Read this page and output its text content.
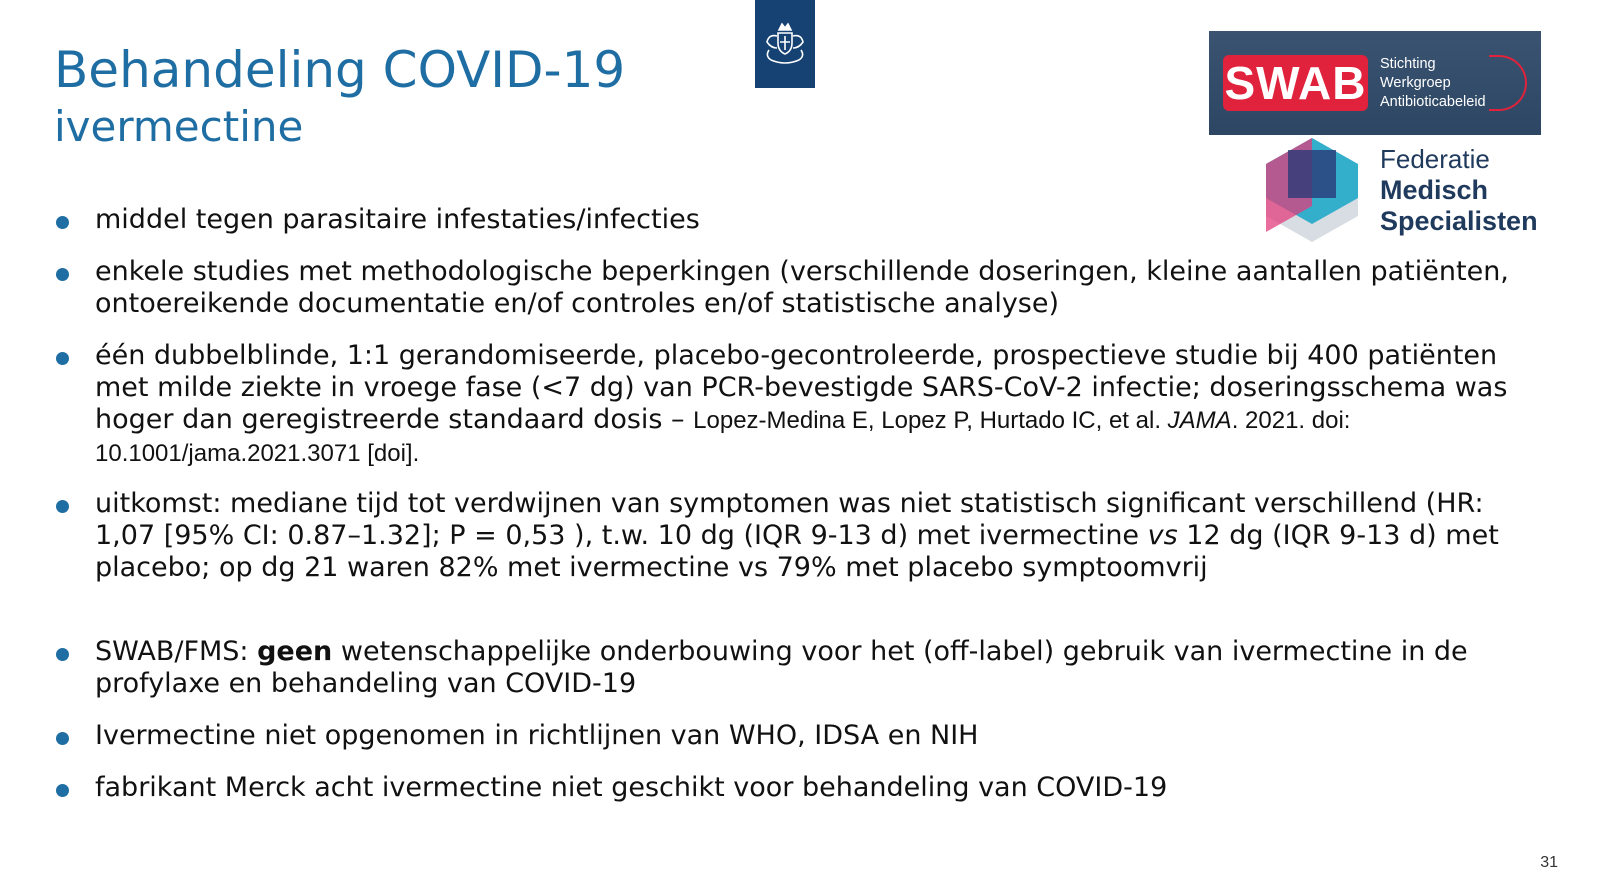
Behandeling COVID-19
ivermectine
SWAB Stichting
Werkgroep
Antibioticabeleid
Federatie
Medisch
Specialisten
middel tegen parasitaire infestaties/infecties
enkele studies met methodologische beperkingen (verschillende doseringen, kleine aantallen patiënten, ontoereikende documentatie en/of controles en/of statistische analyse)
één dubbelblinde, 1:1 gerandomiseerde, placebo-gecontroleerde, prospectieve studie bij 400 patiënten met milde ziekte in vroege fase (<7 dg) van PCR-bevestigde SARS-CoV-2 infectie; doseringsschema was hoger dan geregistreerde standaard dosis – Lopez-Medina E, Lopez P, Hurtado IC, et al. JAMA. 2021. doi: 10.1001/jama.2021.3071 [doi].
uitkomst: mediane tijd tot verdwijnen van symptomen was niet statistisch significant verschillend (HR: 1,07 [95% CI: 0.87–1.32]; P = 0,53 ), t.w. 10 dg (IQR 9-13 d) met ivermectine vs 12 dg (IQR 9-13 d) met placebo; op dg 21 waren 82% met ivermectine vs 79% met placebo symptoomvrij
SWAB/FMS: geen wetenschappelijke onderbouwing voor het (off-label) gebruik van ivermectine in de profylaxe en behandeling van COVID-19
Ivermectine niet opgenomen in richtlijnen van WHO, IDSA en NIH
fabrikant Merck acht ivermectine niet geschikt voor behandeling van COVID-19
31
